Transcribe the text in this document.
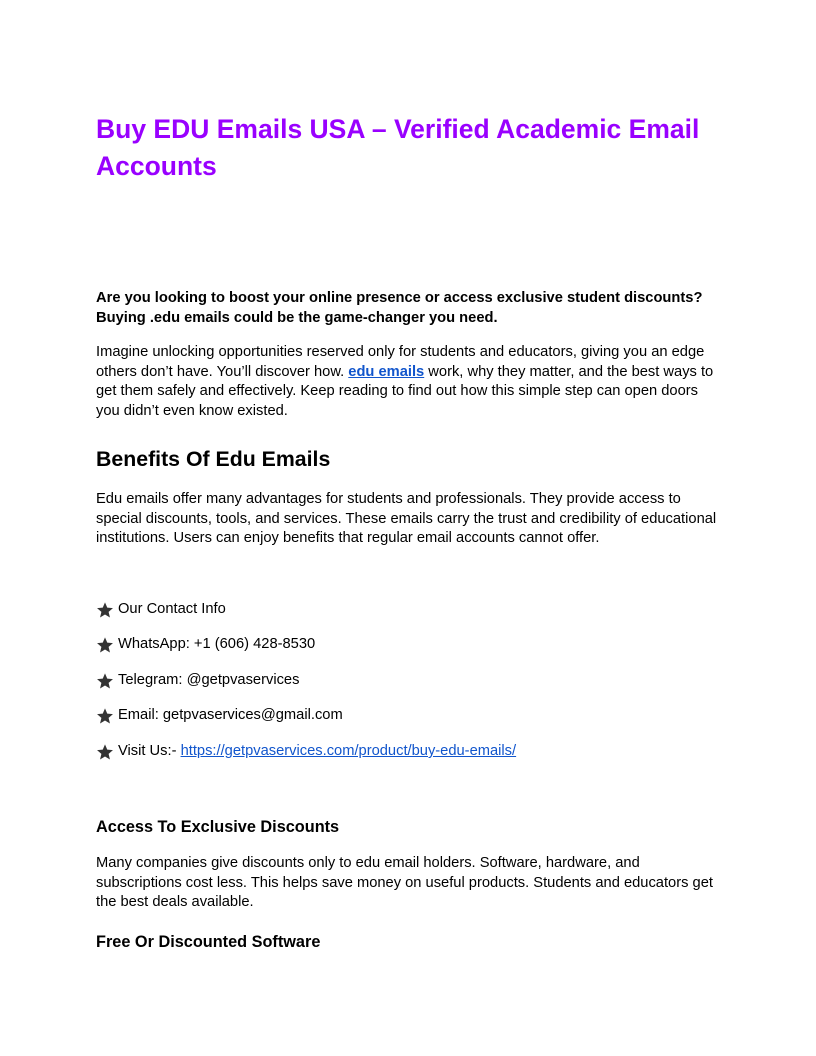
Buy EDU Emails USA – Verified Academic Email Accounts

Are you looking to boost your online presence or access exclusive student discounts? Buying .edu emails could be the game-changer you need.

Imagine unlocking opportunities reserved only for students and educators, giving you an edge others don’t have. You’ll discover how. edu emails work, why they matter, and the best ways to get them safely and effectively. Keep reading to find out how this simple step can open doors you didn’t even know existed.

Benefits Of Edu Emails

Edu emails offer many advantages for students and professionals. They provide access to special discounts, tools, and services. These emails carry the trust and credibility of educational institutions. Users can enjoy benefits that regular email accounts cannot offer.

Our Contact Info
WhatsApp: +1 (606) 428-8530
Telegram: @getpvaservices
Email: getpvaservices@gmail.com
Visit Us:- https://getpvaservices.com/product/buy-edu-emails/
Access To Exclusive Discounts

Many companies give discounts only to edu email holders. Software, hardware, and subscriptions cost less. This helps save money on useful products. Students and educators get the best deals available.

Free Or Discounted Software
